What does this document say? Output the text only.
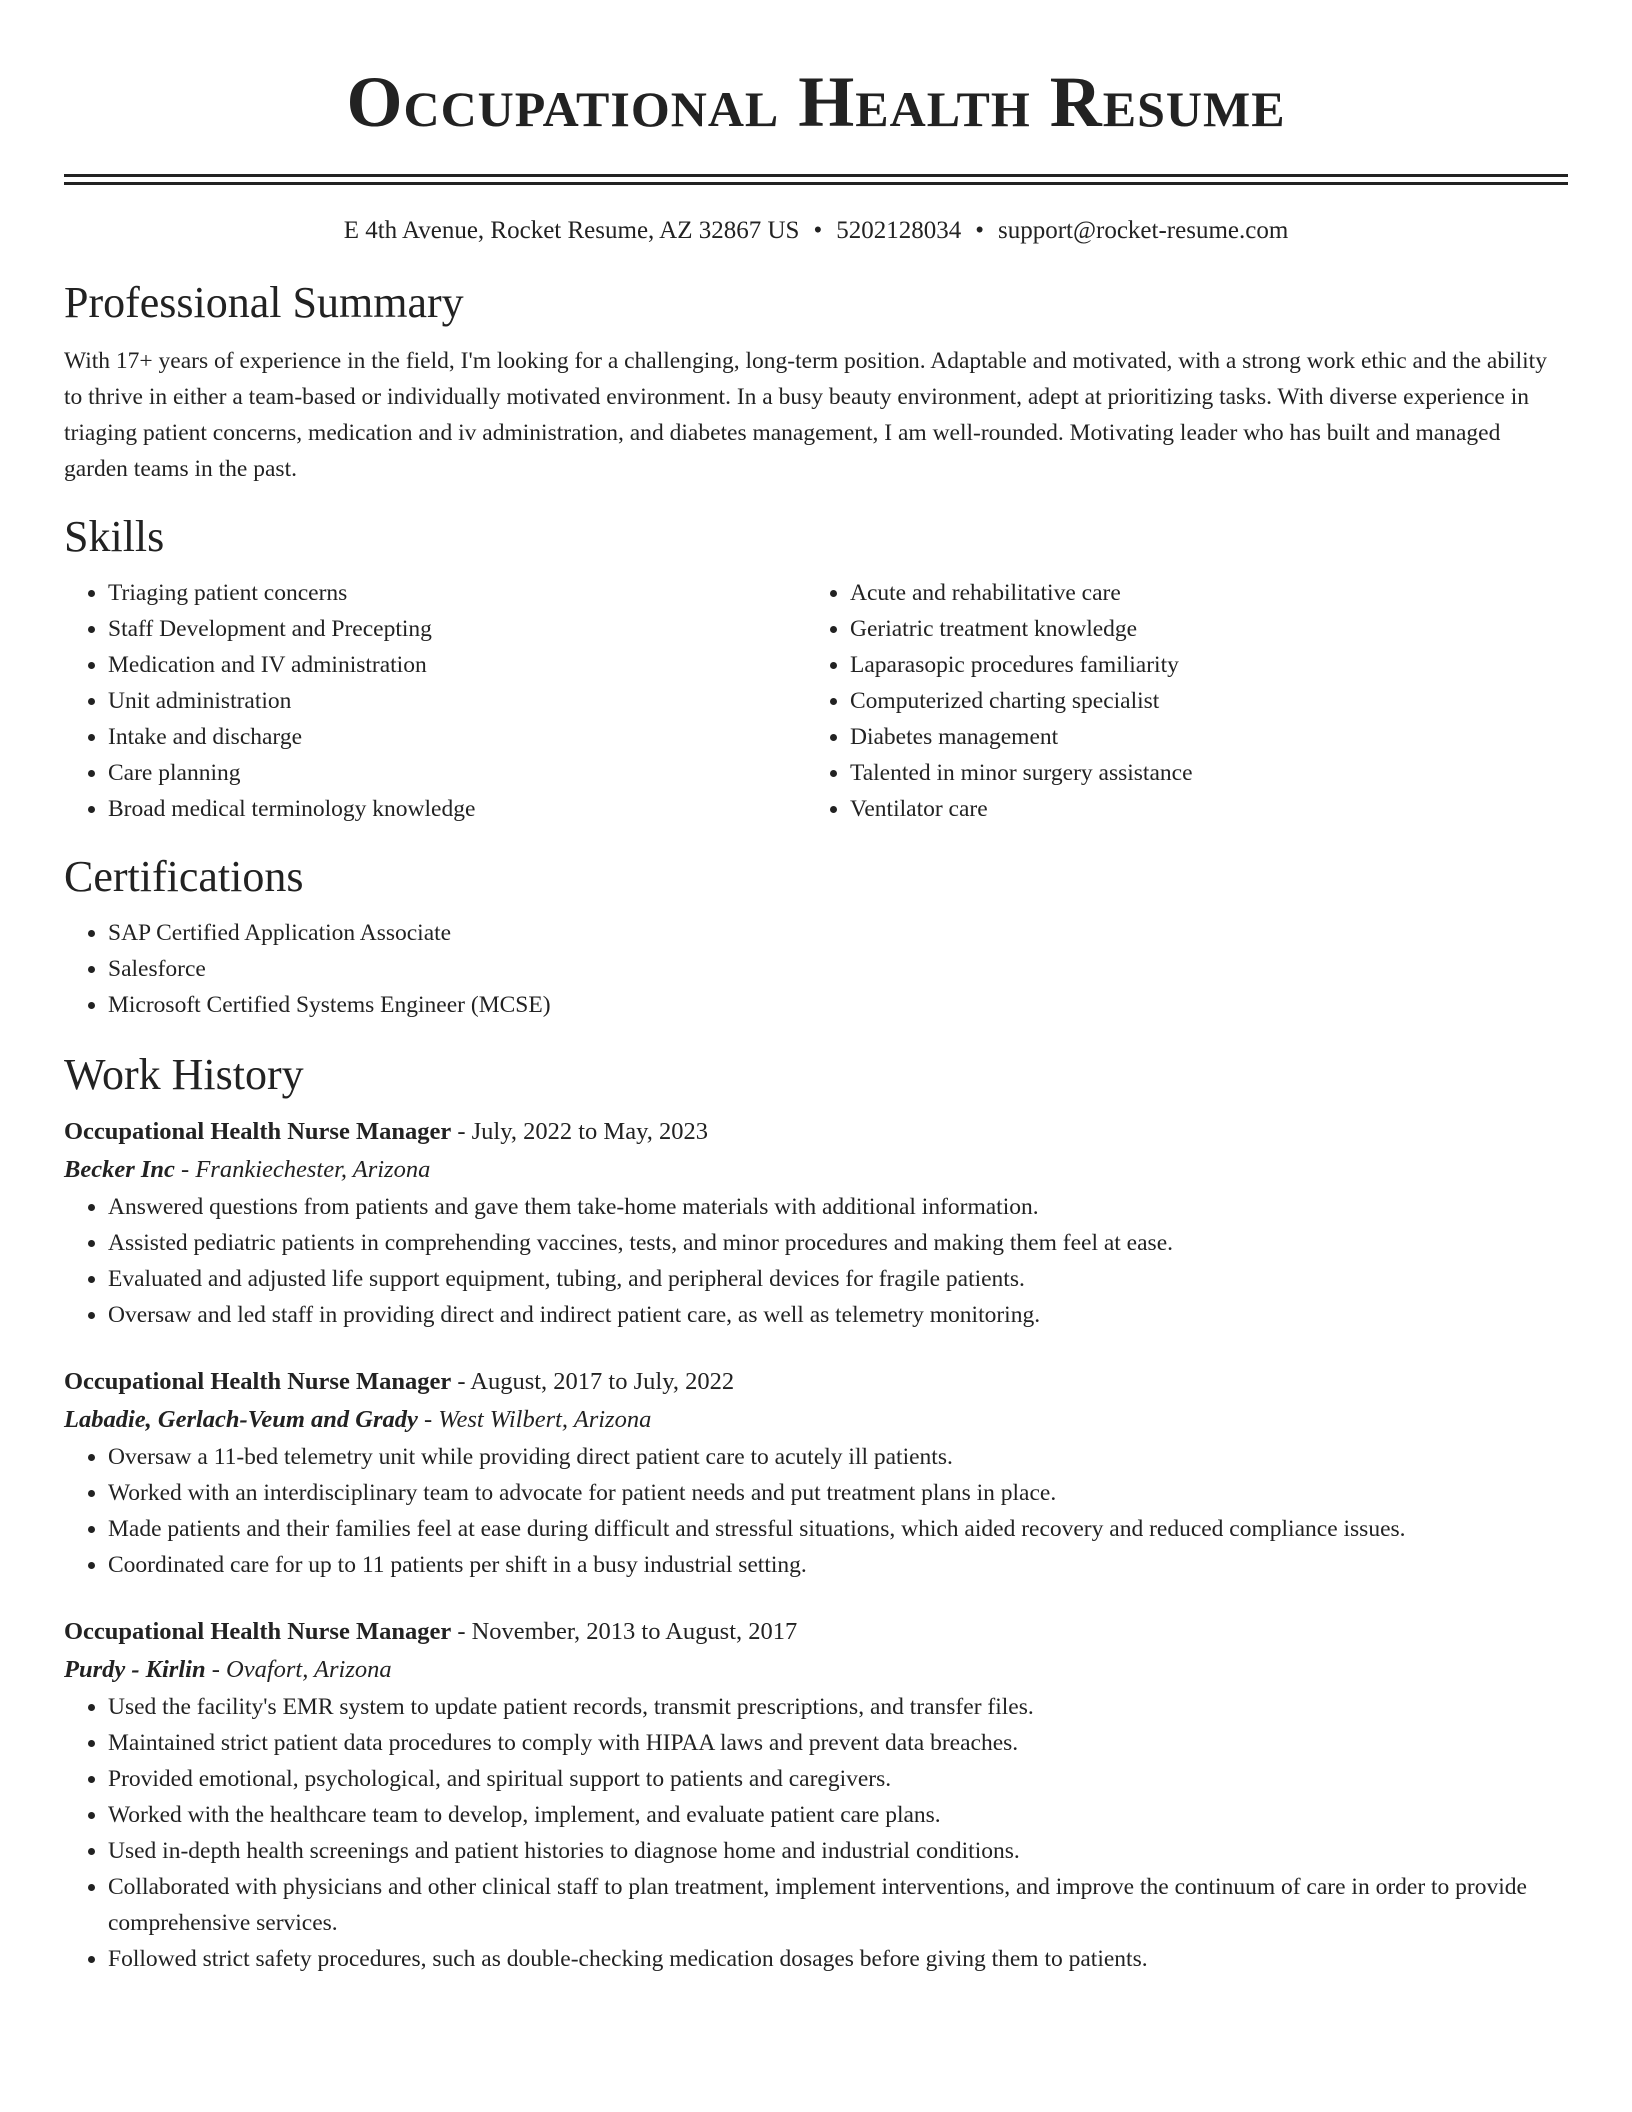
Occupational Health Resume
E 4th Avenue, Rocket Resume, AZ 32867 US • 5202128034 • support@rocket-resume.com
Professional Summary
With 17+ years of experience in the field, I'm looking for a challenging, long-term position. Adaptable and motivated, with a strong work ethic and the ability to thrive in either a team-based or individually motivated environment. In a busy beauty environment, adept at prioritizing tasks. With diverse experience in triaging patient concerns, medication and iv administration, and diabetes management, I am well-rounded. Motivating leader who has built and managed garden teams in the past.
Skills
• Triaging patient concerns
• Staff Development and Precepting
• Medication and IV administration
• Unit administration
• Intake and discharge
• Care planning
• Broad medical terminology knowledge
• Acute and rehabilitative care
• Geriatric treatment knowledge
• Laparasopic procedures familiarity
• Computerized charting specialist
• Diabetes management
• Talented in minor surgery assistance
• Ventilator care
Certifications
• SAP Certified Application Associate
• Salesforce
• Microsoft Certified Systems Engineer (MCSE)
Work History
Occupational Health Nurse Manager - July, 2022 to May, 2023
Becker Inc - Frankiechester, Arizona
• Answered questions from patients and gave them take-home materials with additional information.
• Assisted pediatric patients in comprehending vaccines, tests, and minor procedures and making them feel at ease.
• Evaluated and adjusted life support equipment, tubing, and peripheral devices for fragile patients.
• Oversaw and led staff in providing direct and indirect patient care, as well as telemetry monitoring.
Occupational Health Nurse Manager - August, 2017 to July, 2022
Labadie, Gerlach-Veum and Grady - West Wilbert, Arizona
• Oversaw a 11-bed telemetry unit while providing direct patient care to acutely ill patients.
• Worked with an interdisciplinary team to advocate for patient needs and put treatment plans in place.
• Made patients and their families feel at ease during difficult and stressful situations, which aided recovery and reduced compliance issues.
• Coordinated care for up to 11 patients per shift in a busy industrial setting.
Occupational Health Nurse Manager - November, 2013 to August, 2017
Purdy - Kirlin - Ovafort, Arizona
• Used the facility's EMR system to update patient records, transmit prescriptions, and transfer files.
• Maintained strict patient data procedures to comply with HIPAA laws and prevent data breaches.
• Provided emotional, psychological, and spiritual support to patients and caregivers.
• Worked with the healthcare team to develop, implement, and evaluate patient care plans.
• Used in-depth health screenings and patient histories to diagnose home and industrial conditions.
• Collaborated with physicians and other clinical staff to plan treatment, implement interventions, and improve the continuum of care in order to provide comprehensive services.
• Followed strict safety procedures, such as double-checking medication dosages before giving them to patients.
